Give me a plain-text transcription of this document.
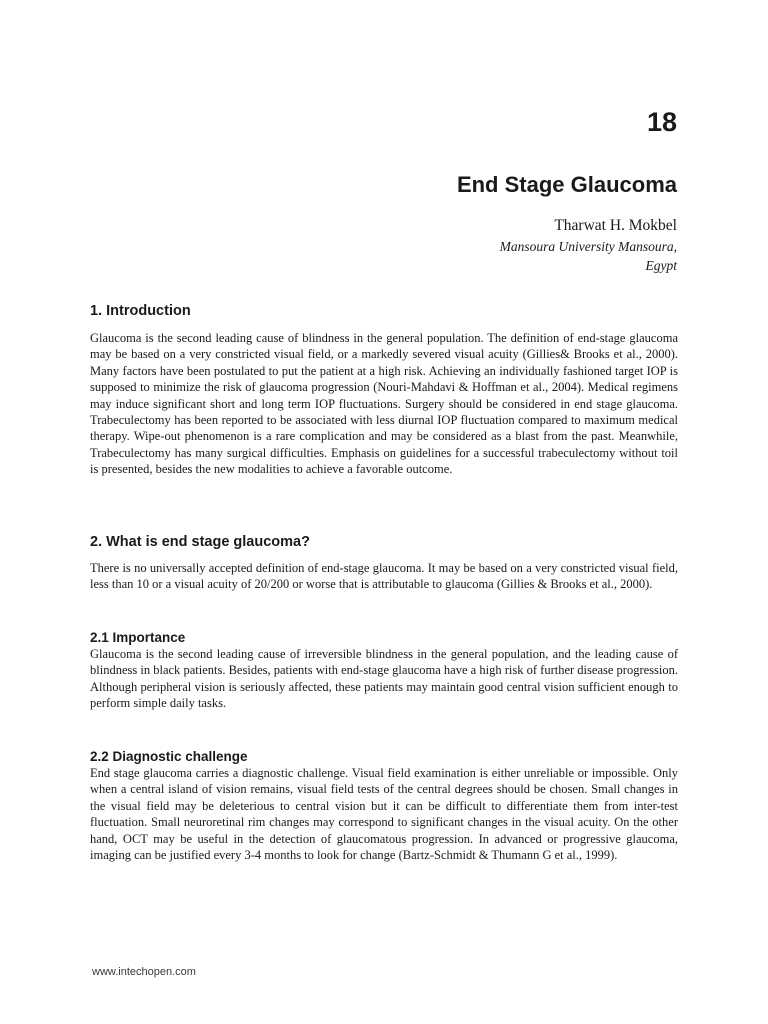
18
End Stage Glaucoma
Tharwat H. Mokbel
Mansoura University Mansoura,
Egypt
1. Introduction

Glaucoma is the second leading cause of blindness in the general population. The definition of end-stage glaucoma may be based on a very constricted visual field, or a markedly severed visual acuity (Gillies& Brooks et al., 2000). Many factors have been postulated to put the patient at a high risk. Achieving an individually fashioned target IOP is supposed to minimize the risk of glaucoma progression (Nouri-Mahdavi & Hoffman et al., 2004). Medical regimens may induce significant short and long term IOP fluctuations. Surgery should be considered in end stage glaucoma. Trabeculectomy has been reported to be associated with less diurnal IOP fluctuation compared to maximum medical therapy. Wipe-out phenomenon is a rare complication and may be considered as a blast from the past. Meanwhile, Trabeculectomy has many surgical difficulties. Emphasis on guidelines for a successful trabeculectomy without toil is presented, besides the new modalities to achieve a favorable outcome.

2. What is end stage glaucoma?

There is no universally accepted definition of end-stage glaucoma. It may be based on a very constricted visual field, less than 10 or a visual acuity of 20/200 or worse that is attributable to glaucoma (Gillies & Brooks et al., 2000).

2.1 Importance

Glaucoma is the second leading cause of irreversible blindness in the general population, and the leading cause of blindness in black patients. Besides, patients with end-stage glaucoma have a high risk of further disease progression. Although peripheral vision is seriously affected, these patients may maintain good central vision sufficient enough to perform simple daily tasks.

2.2 Diagnostic challenge

End stage glaucoma carries a diagnostic challenge. Visual field examination is either unreliable or impossible. Only when a central island of vision remains, visual field tests of the central degrees should be chosen. Small changes in the visual field may be deleterious to central vision but it can be difficult to differentiate them from inter-test fluctuation. Small neuroretinal rim changes may correspond to significant changes in the visual acuity. On the other hand, OCT may be useful in the detection of glaucomatous progression. In advanced or progressive glaucoma, imaging can be justified every 3-4 months to look for change (Bartz-Schmidt & Thumann G et al., 1999).

www.intechopen.com
